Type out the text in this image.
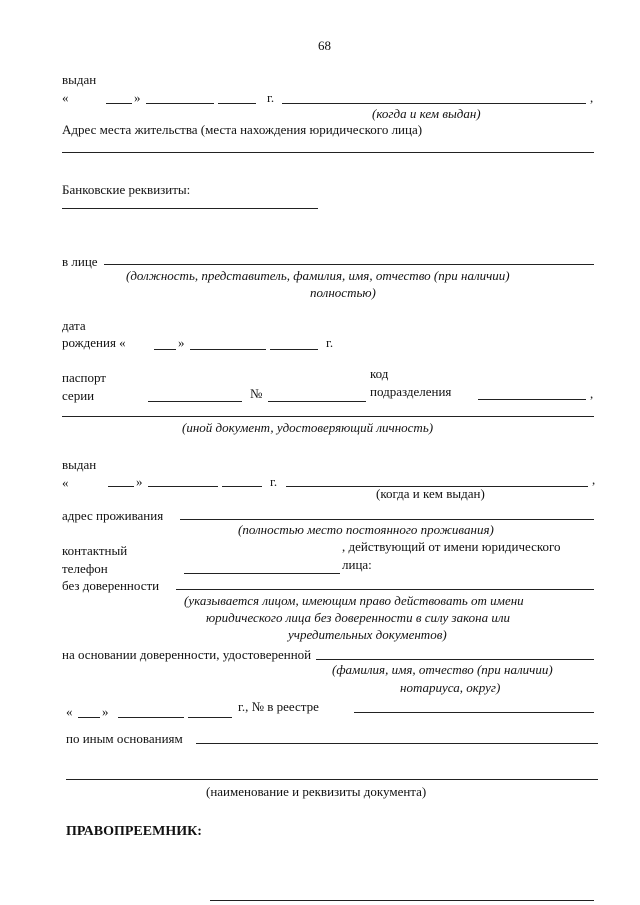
68
выдан
«	»	г.	,
(когда и кем выдан)
Адрес места жительства (места нахождения юридического лица)
Банковские реквизиты:
в лице
(должность, представитель, фамилия, имя, отчество (при наличии)
полностью)
дата
рождения «	»	г.
паспорт
серии	№
код
подразделения	,
(иной документ, удостоверяющий личность)
выдан
«	»	г.	,
(когда и кем выдан)
адрес проживания
(полностью место постоянного проживания)
контактный
телефон
, действующий от имени юридического
лица:
без доверенности
(указывается лицом, имеющим право действовать от имени
юридического лица без доверенности в силу закона или
учредительных документов)
на основании доверенности, удостоверенной
(фамилия, имя, отчество (при наличии)
нотариуса, округ)
« »	г., № в реестре
по иным основаниям
(наименование и реквизиты документа)
ПРАВОПРЕЕМНИК:
